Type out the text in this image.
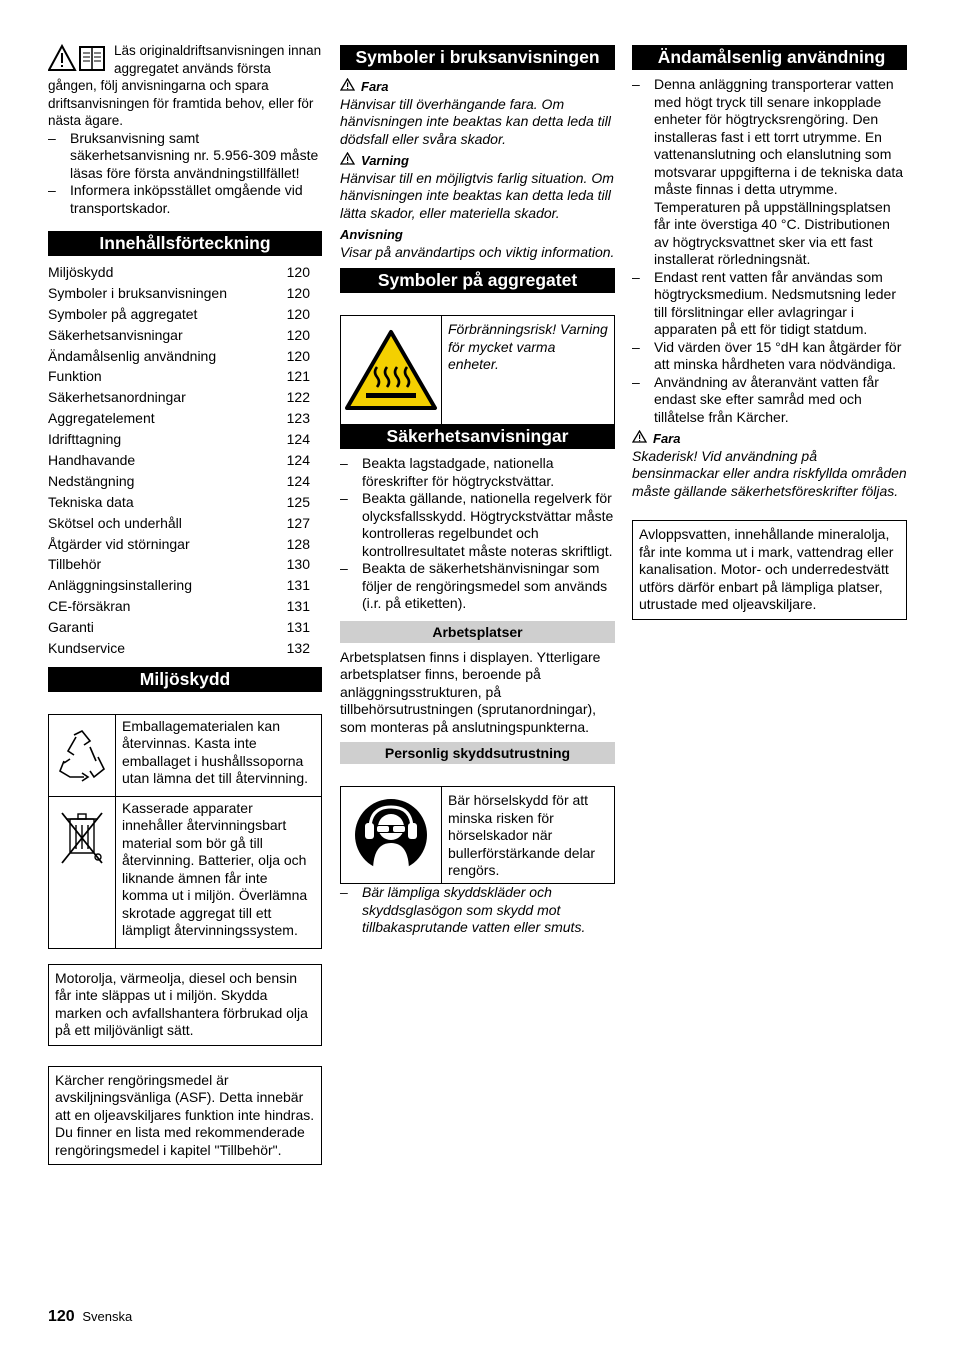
Läs originaldriftsanvisningen innan aggregatet används första gången, följ anvisningarna och spara driftsanvisningen för framtida behov, eller för nästa ägare.

– Bruksanvisning samt säkerhetsanvisning nr. 5.956-309 måste läsas före första användningstillfället!
– Informera inköpsstället omgående vid transportskador.
Innehållsförteckning
Miljöskydd	120
Symboler i bruksanvisningen	120
Symboler på aggregatet	120
Säkerhetsanvisningar	120
Ändamålsenlig användning	120
Funktion	121
Säkerhetsanordningar	122
Aggregatelement	123
Idrifttagning	124
Handhavande	124
Nedstängning	124
Tekniska data	125
Skötsel och underhåll	127
Åtgärder vid störningar	128
Tillbehör	130
Anläggningsinstallering	131
CE-försäkran	131
Garanti	131
Kundservice	132
Miljöskydd
Emballagematerialen kan återvinnas. Kasta inte emballaget i hushållssoporna utan lämna det till återvinning.
Kasserade apparater innehåller återvinningsbart material som bör gå till återvinning. Batterier, olja och liknande ämnen får inte komma ut i miljön. Överlämna skrotade aggregat till ett lämpligt återvinningssystem.
Motorolja, värmeolja, diesel och bensin får inte släppas ut i miljön. Skydda marken och avfallshantera förbrukad olja på ett miljövänligt sätt.
Kärcher rengöringsmedel är avskiljningsvänliga (ASF). Detta innebär att en oljeavskiljares funktion inte hindras. Du finner en lista med rekommenderade rengöringsmedel i kapitel "Tillbehör".
Symboler i bruksanvisningen
Fara

Hänvisar till överhängande fara. Om hänvisningen inte beaktas kan detta leda till dödsfall eller svåra skador.

Varning

Hänvisar till en möjligtvis farlig situation. Om hänvisningen inte beaktas kan detta leda till lätta skador, eller materiella skador.

Anvisning

Visar på användartips och viktig information.

Symboler på aggregatet
Förbränningsrisk! Varning för mycket varma enheter.
Säkerhetsanvisningar
– Beakta lagstadgade, nationella föreskrifter för högtryckstvättar.
– Beakta gällande, nationella regelverk för olycksfallsskydd. Högtryckstvättar måste kontrolleras regelbundet och kontrollresultatet måste noteras skriftligt.
– Beakta de säkerhetshänvisningar som följer de rengöringsmedel som används (i.r. på etiketten).
Arbetsplatser

Arbetsplatsen finns i displayen. Ytterligare arbetsplatser finns, beroende på anläggningsstrukturen, på tillbehörsutrustningen (sprutanordningar), som monteras på anslutningspunkterna.

Personlig skyddsutrustning
Bär hörselskydd för att minska risken för hörselskador när bullerförstärkande delar rengörs.
– Bär lämpliga skyddskläder och skyddsglasögon som skydd mot tillbakasprutande vatten eller smuts.
Ändamålsenlig användning
– Denna anläggning transporterar vatten med högt tryck till senare inkopplade enheter för högtrycksrengöring. Den installeras fast i ett torrt utrymme. En vattenanslutning och elanslutning som motsvarar uppgifterna i de tekniska data måste finnas i detta utrymme. Temperaturen på uppställningsplatsen får inte överstiga 40 °C. Distributionen av högtrycksvattnet sker via ett fast installerat rörledningsnät.
– Endast rent vatten får användas som högtrycksmedium. Nedsmutsning leder till förslitningar eller avlagringar i apparaten på ett för tidigt statdum.
– Vid värden över 15 °dH kan åtgärder för att minska hårdheten vara nödvändiga.
– Användning av återanvänt vatten får endast ske efter samråd med och tillåtelse från Kärcher.
Fara

Skaderisk! Vid användning på bensinmackar eller andra riskfyllda områden måste gällande säkerhetsföreskrifter följas.

Avloppsvatten, innehållande mineralolja, får inte komma ut i mark, vattendrag eller kanalisation. Motor- och underredestvätt utförs därför enbart på lämpliga platser, utrustade med oljeavskiljare.
120 Svenska
